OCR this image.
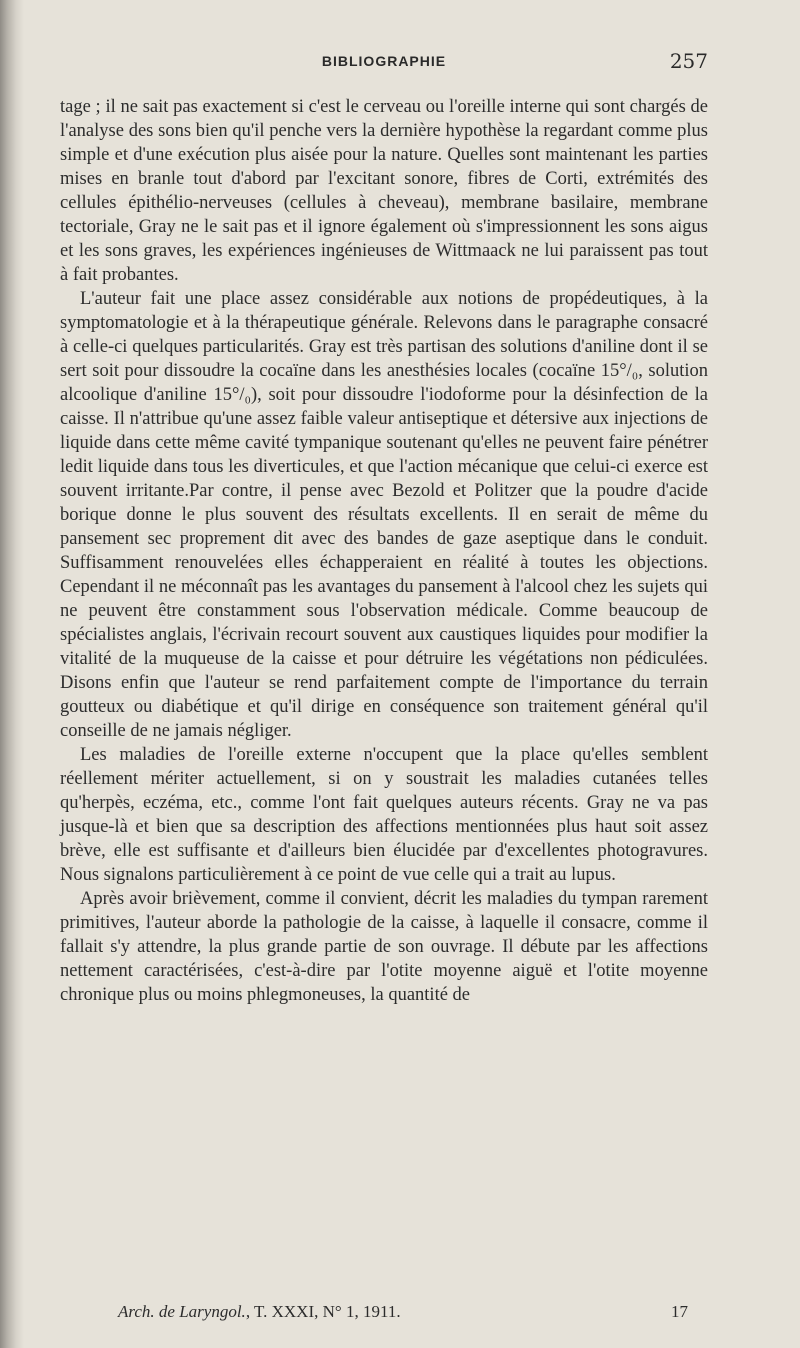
BIBLIOGRAPHIE	257

tage ; il ne sait pas exactement si c'est le cerveau ou l'oreille interne qui sont chargés de l'analyse des sons bien qu'il penche vers la dernière hypothèse la regardant comme plus simple et d'une exécution plus aisée pour la nature. Quelles sont maintenant les parties mises en branle tout d'abord par l'excitant sonore, fibres de Corti, extrémités des cellules épithélio-nerveuses (cellules à cheveau), membrane basilaire, membrane tectoriale, Gray ne le sait pas et il ignore également où s'impressionnent les sons aigus et les sons graves, les expériences ingénieuses de Wittmaack ne lui paraissent pas tout à fait probantes.

L'auteur fait une place assez considérable aux notions de propédeutiques, à la symptomatologie et à la thérapeutique générale. Relevons dans le paragraphe consacré à celle-ci quelques particularités. Gray est très partisan des solutions d'aniline dont il se sert soit pour dissoudre la cocaïne dans les anesthésies locales (cocaïne 15°/₀, solution alcoolique d'aniline 15°/₀), soit pour dissoudre l'iodoforme pour la désinfection de la caisse. Il n'attribue qu'une assez faible valeur antiseptique et détersive aux injections de liquide dans cette même cavité tympanique soutenant qu'elles ne peuvent faire pénétrer ledit liquide dans tous les diverticules, et que l'action mécanique que celui-ci exerce est souvent irritante.Par contre, il pense avec Bezold et Politzer que la poudre d'acide borique donne le plus souvent des résultats excellents. Il en serait de même du pansement sec proprement dit avec des bandes de gaze aseptique dans le conduit. Suffisamment renouvelées elles échapperaient en réalité à toutes les objections. Cependant il ne méconnaît pas les avantages du pansement à l'alcool chez les sujets qui ne peuvent être constamment sous l'observation médicale. Comme beaucoup de spécialistes anglais, l'écrivain recourt souvent aux caustiques liquides pour modifier la vitalité de la muqueuse de la caisse et pour détruire les végétations non pédiculées. Disons enfin que l'auteur se rend parfaitement compte de l'importance du terrain goutteux ou diabétique et qu'il dirige en conséquence son traitement général qu'il conseille de ne jamais négliger.

Les maladies de l'oreille externe n'occupent que la place qu'elles semblent réellement mériter actuellement, si on y soustrait les maladies cutanées telles qu'herpès, eczéma, etc., comme l'ont fait quelques auteurs récents. Gray ne va pas jusque-là et bien que sa description des affections mentionnées plus haut soit assez brève, elle est suffisante et d'ailleurs bien élucidée par d'excellentes photogravures. Nous signalons particulièrement à ce point de vue celle qui a trait au lupus.

Après avoir brièvement, comme il convient, décrit les maladies du tympan rarement primitives, l'auteur aborde la pathologie de la caisse, à laquelle il consacre, comme il fallait s'y attendre, la plus grande partie de son ouvrage. Il débute par les affections nettement caractérisées, c'est-à-dire par l'otite moyenne aiguë et l'otite moyenne chronique plus ou moins phlegmoneuses, la quantité de

Arch. de Laryngol., T. XXXI, N° 1, 1911.	17
